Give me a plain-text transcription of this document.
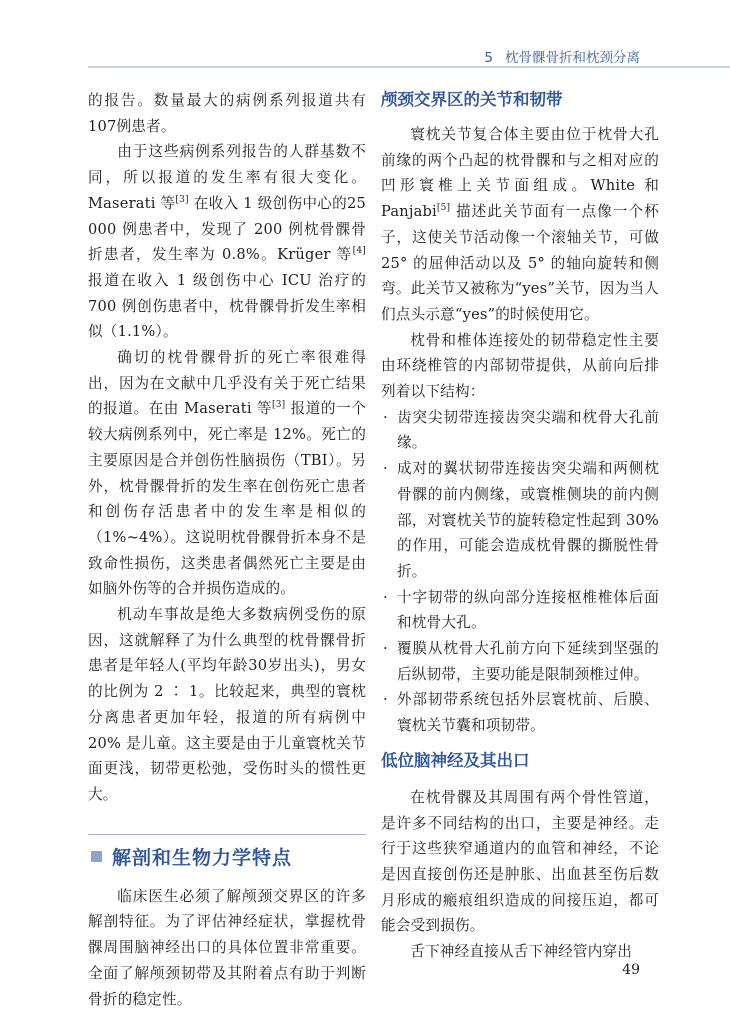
5 枕骨髁骨折和枕颈分离

的报告。数量最大的病例系列报道共有107例患者。

由于这些病例系列报告的人群基数不同，所以报道的发生率有很大变化。Maserati 等[3] 在收入 1 级创伤中心的25 000 例患者中，发现了 200 例枕骨髁骨折患者，发生率为 0.8%。Krüger 等[4] 报道在收入 1 级创伤中心 ICU 治疗的700 例创伤患者中，枕骨髁骨折发生率相似（1.1%）。

确切的枕骨髁骨折的死亡率很难得出，因为在文献中几乎没有关于死亡结果的报道。在由 Maserati 等[3] 报道的一个较大病例系列中，死亡率是 12%。死亡的主要原因是合并创伤性脑损伤（TBI）。另外，枕骨髁骨折的发生率在创伤死亡患者和创伤存活患者中的发生率是相似的（1%~4%）。这说明枕骨髁骨折本身不是致命性损伤，这类患者偶然死亡主要是由如脑外伤等的合并损伤造成的。

机动车事故是绝大多数病例受伤的原因，这就解释了为什么典型的枕骨髁骨折患者是年轻人(平均年龄30岁出头)，男女的比例为 2 ∶ 1。比较起来，典型的寰枕分离患者更加年轻，报道的所有病例中 20% 是儿童。这主要是由于儿童寰枕关节面更浅，韧带更松弛，受伤时头的惯性更大。

解剖和生物力学特点

临床医生必须了解颅颈交界区的许多解剖特征。为了评估神经症状，掌握枕骨髁周围脑神经出口的具体位置非常重要。全面了解颅颈韧带及其附着点有助于判断骨折的稳定性。

颅颈交界区的关节和韧带

寰枕关节复合体主要由位于枕骨大孔前缘的两个凸起的枕骨髁和与之相对应的凹形寰椎上关节面组成。White 和 Panjabi[5] 描述此关节面有一点像一个杯子，这使关节活动像一个滚轴关节，可做 25° 的屈伸活动以及 5° 的轴向旋转和侧弯。此关节又被称为“yes”关节，因为当人们点头示意“yes”的时候使用它。

枕骨和椎体连接处的韧带稳定性主要由环绕椎管的内部韧带提供，从前向后排列着以下结构：

· 齿突尖韧带连接齿突尖端和枕骨大孔前缘。
· 成对的翼状韧带连接齿突尖端和两侧枕骨髁的前内侧缘，或寰椎侧块的前内侧部，对寰枕关节的旋转稳定性起到 30% 的作用，可能会造成枕骨髁的撕脱性骨折。
· 十字韧带的纵向部分连接枢椎椎体后面和枕骨大孔。
· 覆膜从枕骨大孔前方向下延续到坚强的后纵韧带，主要功能是限制颈椎过伸。
· 外部韧带系统包括外层寰枕前、后膜、寰枕关节囊和项韧带。
低位脑神经及其出口

在枕骨髁及其周围有两个骨性管道，是许多不同结构的出口，主要是神经。走行于这些狭窄通道内的血管和神经，不论是因直接创伤还是肿胀、出血甚至伤后数月形成的瘢痕组织造成的间接压迫，都可能会受到损伤。

舌下神经直接从舌下神经管内穿出

49
